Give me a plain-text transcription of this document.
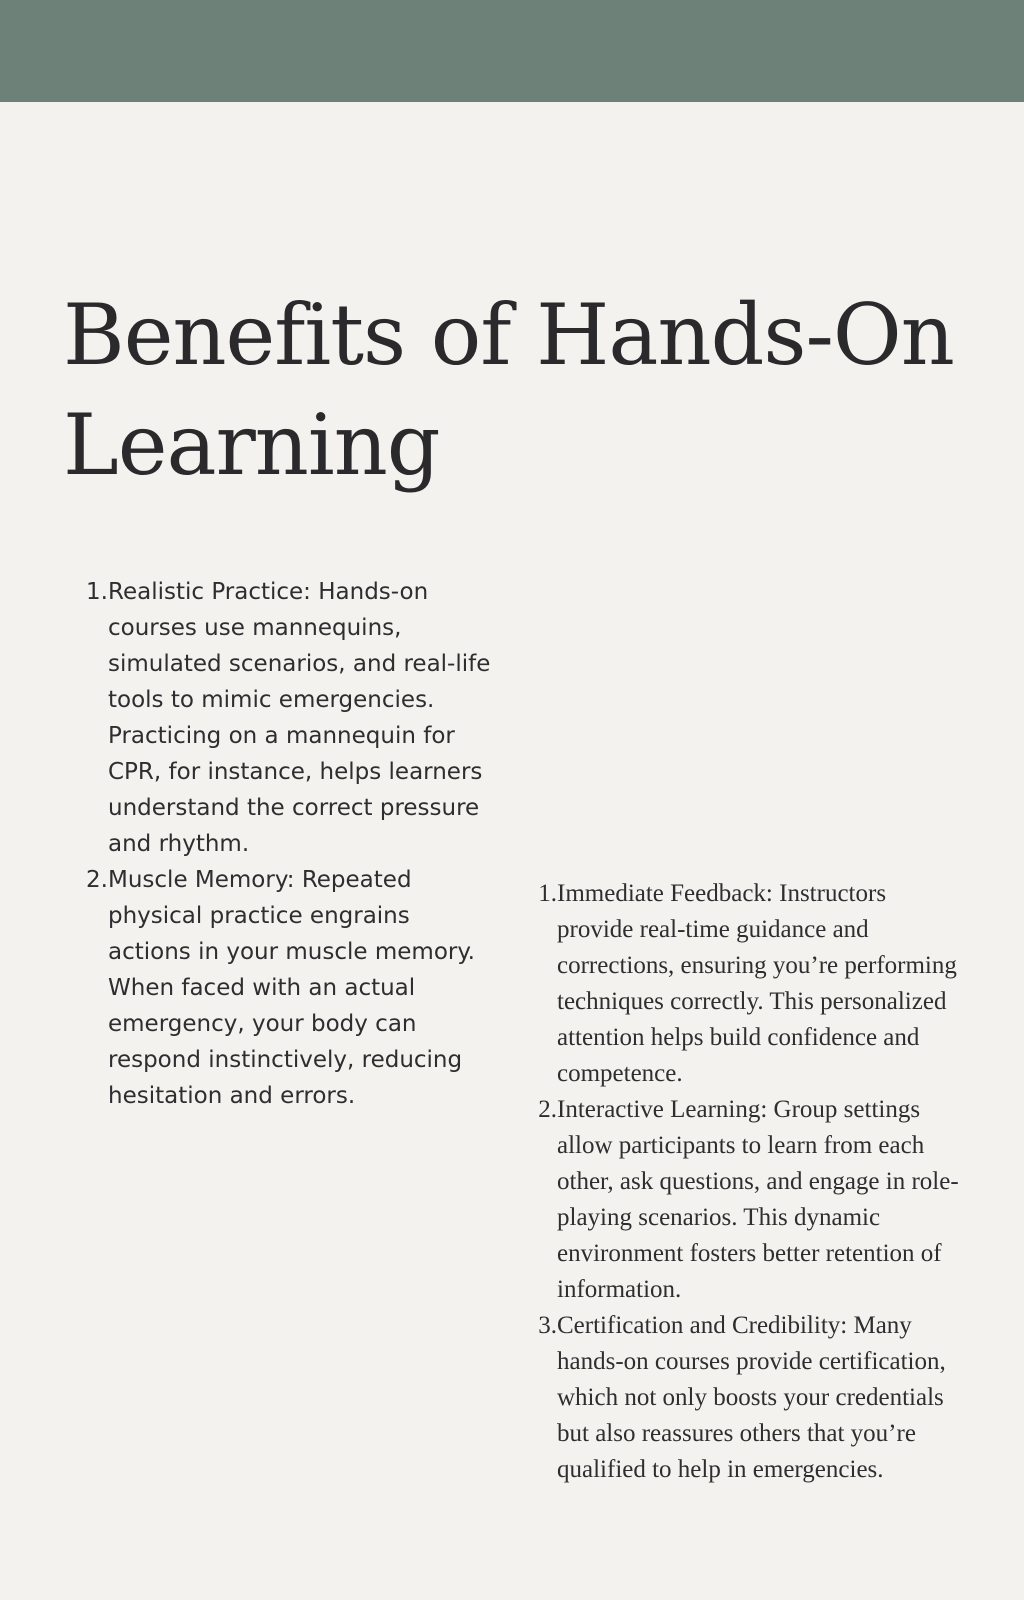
Benefits of Hands-On Learning
1. Realistic Practice: Hands-on courses use mannequins, simulated scenarios, and real-life tools to mimic emergencies. Practicing on a mannequin for CPR, for instance, helps learners understand the correct pressure and rhythm.
2. Muscle Memory: Repeated physical practice engrains actions in your muscle memory. When faced with an actual emergency, your body can respond instinctively, reducing hesitation and errors.
1. Immediate Feedback: Instructors provide real-time guidance and corrections, ensuring you’re performing techniques correctly. This personalized attention helps build confidence and competence.
2. Interactive Learning: Group settings allow participants to learn from each other, ask questions, and engage in role-playing scenarios. This dynamic environment fosters better retention of information.
3. Certification and Credibility: Many hands-on courses provide certification, which not only boosts your credentials but also reassures others that you’re qualified to help in emergencies.
